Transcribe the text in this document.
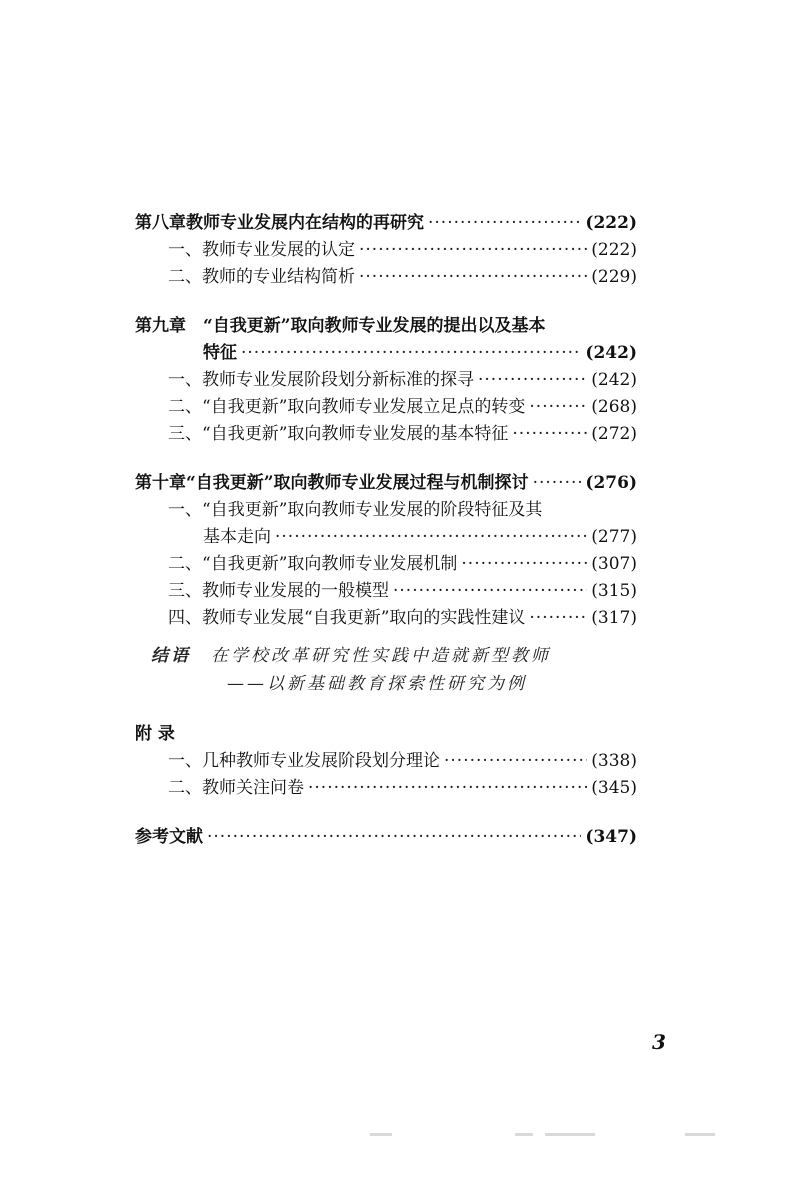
第八章 教师专业发展内在结构的再研究 ·····	(222)
一、教师专业发展的认定 ·····	(222)
二、教师的专业结构简析 ·····	(229)
第九章	“自我更新”取向教师专业发展的提出以及基本
特征 ·····	(242)
一、教师专业发展阶段划分新标准的探寻 ·····	(242)
二、“自我更新”取向教师专业发展立足点的转变 ·····	(268)
三、“自我更新”取向教师专业发展的基本特征 ·····	(272)
第十章 “自我更新”取向教师专业发展过程与机制探讨 ·····	(276)
一、“自我更新”取向教师专业发展的阶段特征及其
基本走向 ·····	(277)
二、“自我更新”取向教师专业发展机制 ·····	(307)
三、教师专业发展的一般模型 ·····	(315)
四、教师专业发展“自我更新”取向的实践性建议 ·····	(317)
结语 在学校改革研究性实践中造就新型教师
——以新基础教育探索性研究为例
附 录
一、几种教师专业发展阶段划分理论 ·····	(338)
二、教师关注问卷 ·····	(345)
参考文献 ·····	(347)
3
